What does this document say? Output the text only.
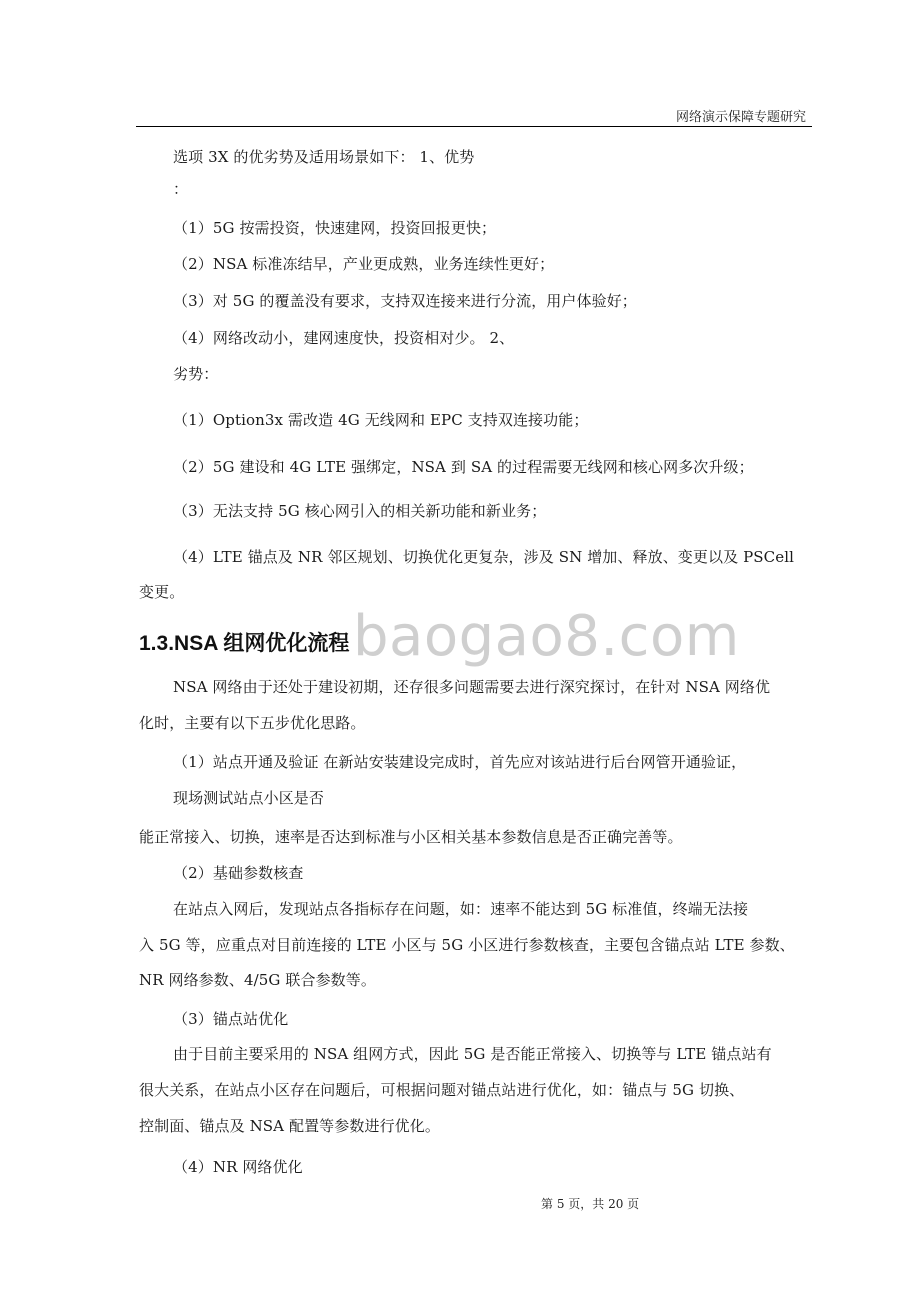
网络演示保障专题研究
选项 3X 的优劣势及适用场景如下： 1、优势
：
（1）5G 按需投资，快速建网，投资回报更快；
（2）NSA 标准冻结早，产业更成熟，业务连续性更好；
（3）对 5G 的覆盖没有要求，支持双连接来进行分流，用户体验好；
（4）网络改动小，建网速度快，投资相对少。 2、
劣势：
（1）Option3x 需改造 4G 无线网和 EPC 支持双连接功能；
（2）5G 建设和 4G LTE 强绑定，NSA 到 SA 的过程需要无线网和核心网多次升级；
（3）无法支持 5G 核心网引入的相关新功能和新业务；
（4）LTE 锚点及 NR 邻区规划、切换优化更复杂，涉及 SN 增加、释放、变更以及 PSCell
变更。
baogao8.com
1.3.NSA 组网优化流程
NSA 网络由于还处于建设初期，还存很多问题需要去进行深究探讨，在针对 NSA 网络优
化时，主要有以下五步优化思路。
（1）站点开通及验证 在新站安装建设完成时，首先应对该站进行后台网管开通验证，
现场测试站点小区是否
能正常接入、切换，速率是否达到标准与小区相关基本参数信息是否正确完善等。
（2）基础参数核查
在站点入网后，发现站点各指标存在问题，如：速率不能达到 5G 标准值，终端无法接
入 5G 等，应重点对目前连接的 LTE 小区与 5G 小区进行参数核查，主要包含锚点站 LTE 参数、
NR 网络参数、4/5G 联合参数等。
（3）锚点站优化
由于目前主要采用的 NSA 组网方式，因此 5G 是否能正常接入、切换等与 LTE 锚点站有
很大关系，在站点小区存在问题后，可根据问题对锚点站进行优化，如：锚点与 5G 切换、
控制面、锚点及 NSA 配置等参数进行优化。
（4）NR 网络优化
第 5 页，共 20 页
